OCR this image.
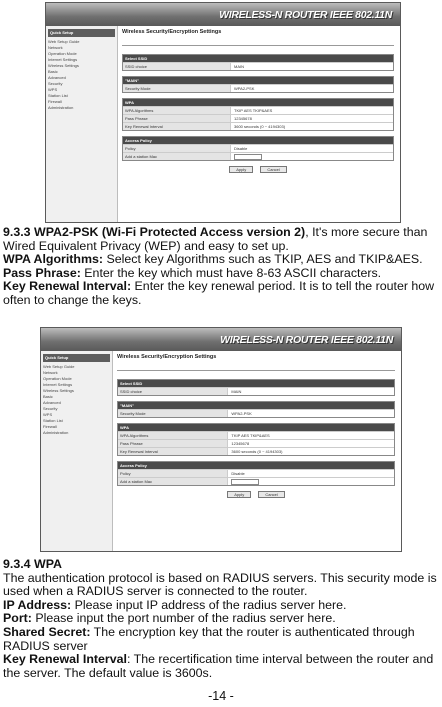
WIRELESS-N ROUTER IEEE 802.11N
Quick Setup
Web Setup Guide
Network
Operation Mode
Internet Settings
Wireless Settings
Basic
Advanced
Security
WPS
Station List
Firewall
Administration
Wireless Security/Encryption Settings

Select SSID
SSID choice	MAIN
"MAIN"
Security Mode	WPA2-PSK
WPA
WPA Algorithms	TKIP AES TKIP&AES
Pass Phrase	12345678
Key Renewal Interval	3600 seconds (0 ~ 4194303)
Access Policy
Policy	Disable
Add a station Mac
Apply	Cancel

9.3.3 WPA2-PSK (Wi-Fi Protected Access version 2), It's more secure than Wired Equivalent Privacy (WEP) and easy to set up.
WPA Algorithms: Select key Algorithms such as TKIP, AES and TKIP&AES.
Pass Phrase: Enter the key which must have 8-63 ASCII characters.
Key Renewal Interval: Enter the key renewal period. It is to tell the router how often to change the keys.

WIRELESS-N ROUTER IEEE 802.11N
Quick Setup
Web Setup Guide
Network
Operation Mode
Internet Settings
Wireless Settings
Basic
Advanced
Security
WPS
Station List
Firewall
Administration
Wireless Security/Encryption Settings

Select SSID
SSID choice	MAIN
"MAIN"
Security Mode	WPA2-PSK
WPA
WPA Algorithms	TKIP AES TKIP&AES
Pass Phrase	12345678
Key Renewal Interval	3600 seconds (0 ~ 4194303)
Access Policy
Policy	Disable
Add a station Mac
Apply	Cancel

9.3.4 WPA
The authentication protocol is based on RADIUS servers. This security mode is used when a RADIUS server is connected to the router.
IP Address: Please input IP address of the radius server here.
Port: Please input the port number of the radius server here.
Shared Secret: The encryption key that the router is authenticated through RADIUS server
Key Renewal Interval: The recertification time interval between the router and the server. The default value is 3600s.

-14 -
